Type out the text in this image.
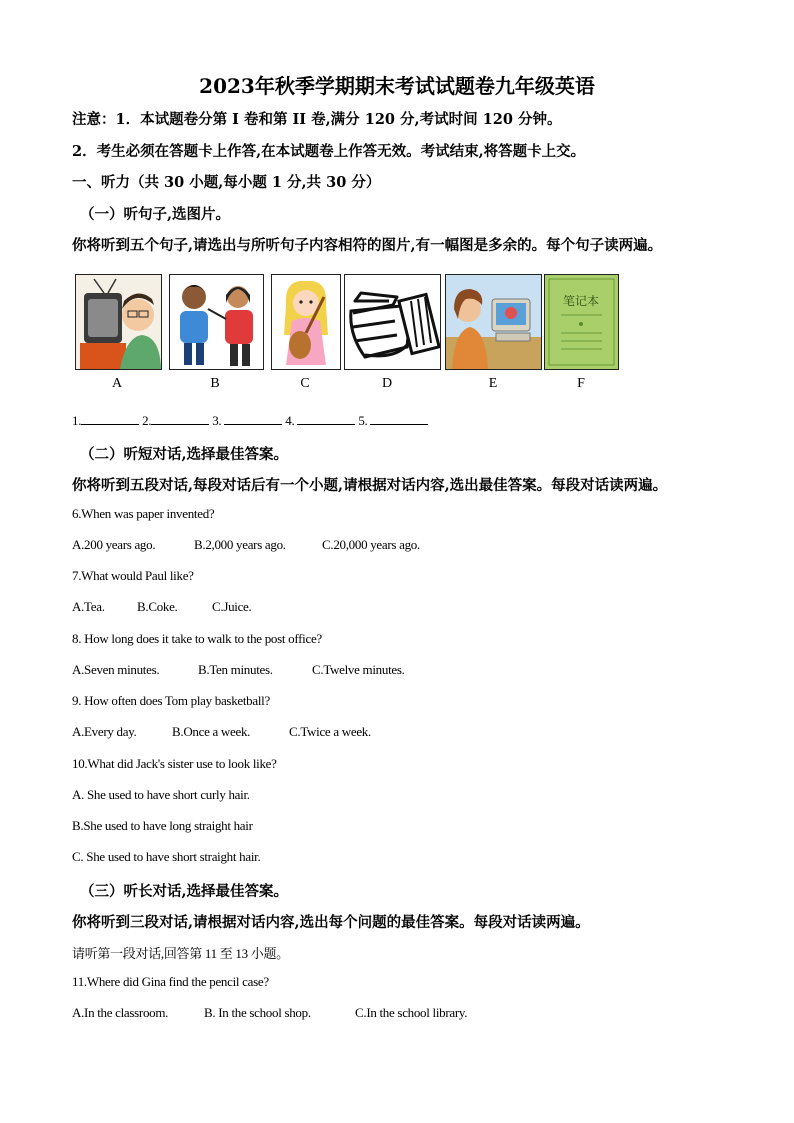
2023年秋季学期期末考试试题卷九年级英语
注意：1．本试题卷分第 I 卷和第 II 卷,满分 120 分,考试时间 120 分钟。
2．考生必须在答题卡上作答,在本试题卷上作答无效。考试结束,将答题卡上交。
一、听力（共 30 小题,每小题 1 分,共 30 分）
（一）听句子,选图片。
你将听到五个句子,请选出与所听句子内容相符的图片,有一幅图是多余的。每个句子读两遍。
笔记本
A	B	C	D	E	F
1.	2.	3.	4.	5.
（二）听短对话,选择最佳答案。
你将听到五段对话,每段对话后有一个小题,请根据对话内容,选出最佳答案。每段对话读两遍。
6.When was paper invented?
A.200 years ago.	B.2,000 years ago.	C.20,000 years ago.
7.What would Paul like?
A.Tea. B.Coke.	C.Juice.
8. How long does it take to walk to the post office?
A.Seven minutes.	B.Ten minutes.	C.Twelve minutes.
9. How often does Tom play basketball?
A.Every day.	B.Once a week.	C.Twice a week.
10.What did Jack's sister use to look like?
A. She used to have short curly hair.
B.She used to have long straight hair
C. She used to have short straight hair.
（三）听长对话,选择最佳答案。
你将听到三段对话,请根据对话内容,选出每个问题的最佳答案。每段对话读两遍。
请听第一段对话,回答第 11 至 13 小题。
11.Where did Gina find the pencil case?
A.In the classroom.	B. In the school shop.	C.In the school library.
